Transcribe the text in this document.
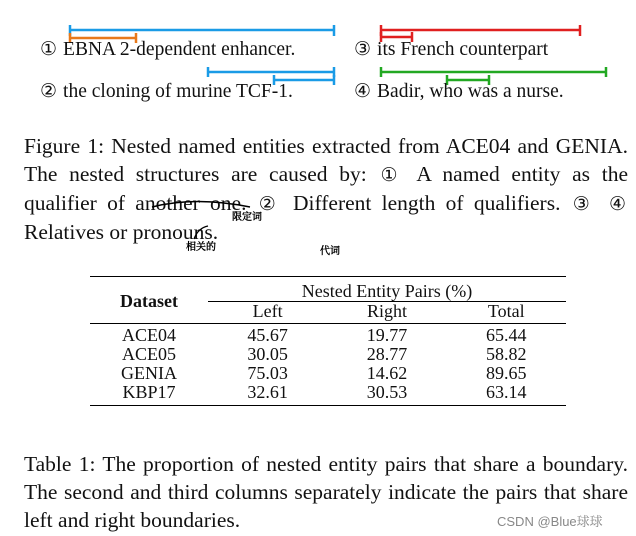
① EBNA 2-dependent enhancer.
② the cloning of murine TCF-1.
③ its French counterpart
④ Badir, who was a nurse.
Figure 1: Nested named entities extracted from ACE04 and GENIA. The nested structures are caused by: ① A named entity as the qualifier of another one. ② Different length of qualifiers. ③ ④ Relatives or pronouns.
限定词
相关的	代词
Dataset	Nested Entity Pairs (%)		
	Left	Right	Total
ACE04	45.67	19.77	65.44
ACE05	30.05	28.77	58.82
GENIA	75.03	14.62	89.65
KBP17	32.61	30.53	63.14
Table 1: The proportion of nested entity pairs that share a boundary. The second and third columns separately indicate the pairs that share left and right boundaries.	CSDN @Blue球球
